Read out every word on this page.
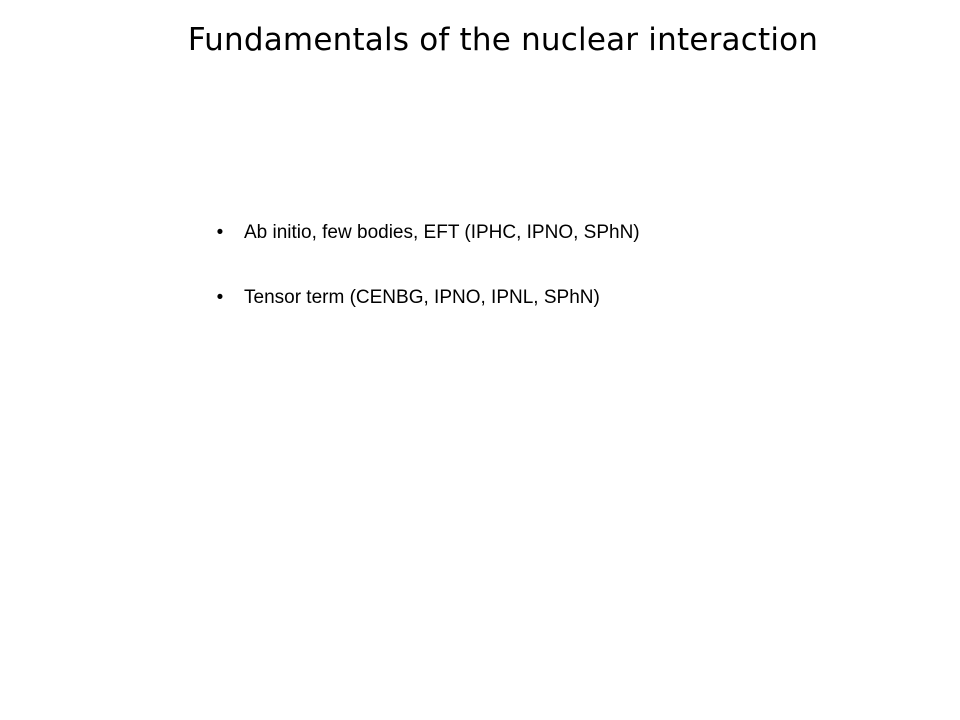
Fundamentals of the nuclear interaction
• Ab initio, few bodies, EFT (IPHC, IPNO, SPhN)
• Tensor term (CENBG, IPNO, IPNL, SPhN)
